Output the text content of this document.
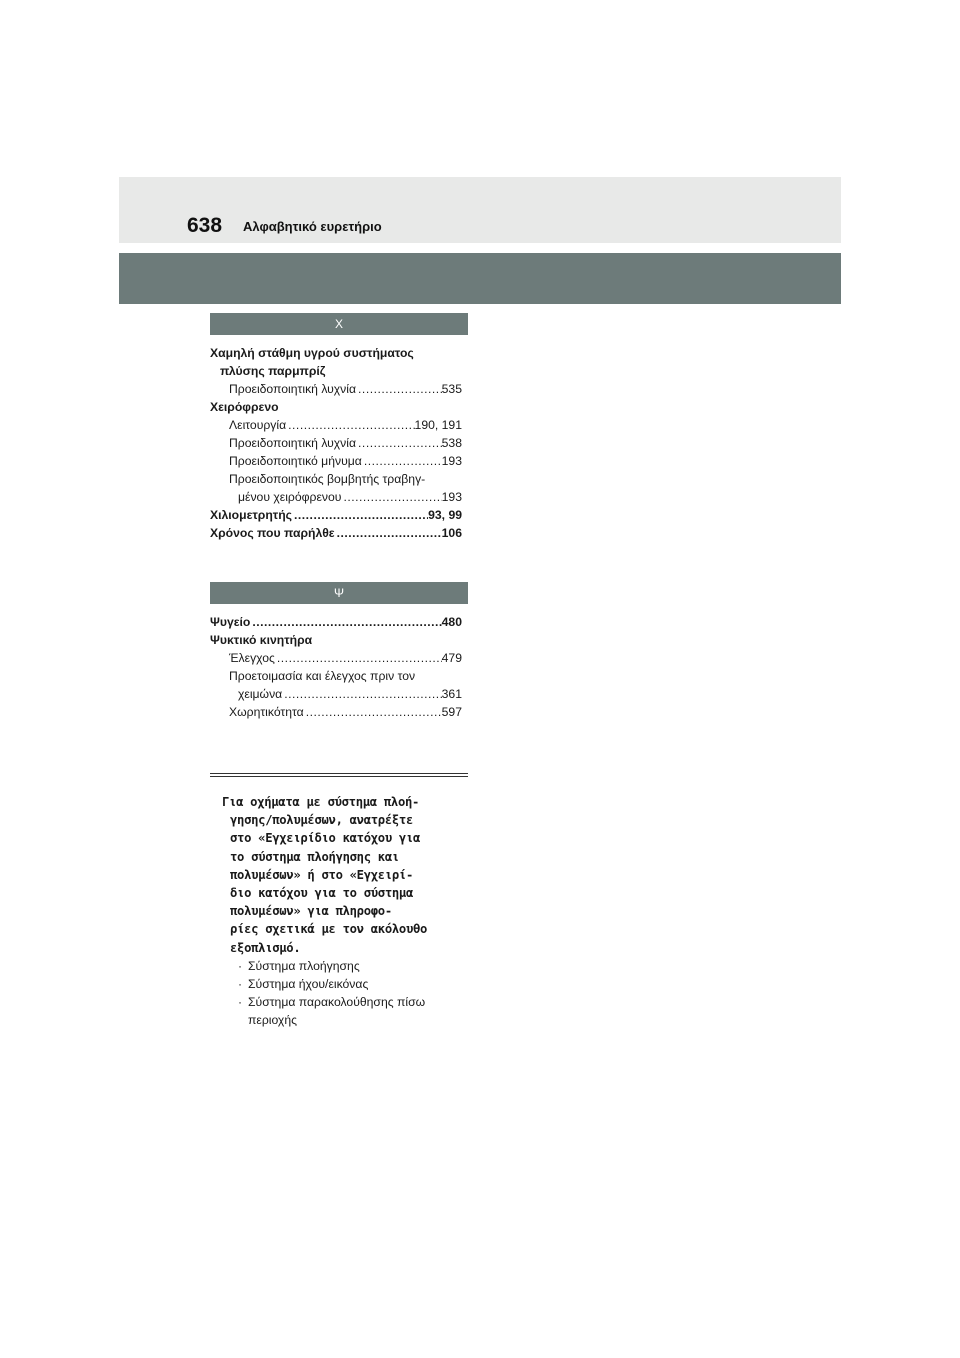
638 Αλφαβητικό ευρετήριο
Χ
Χαμηλή στάθμη υγρού συστήματος
πλύσης παρμπρίζ
Προειδοποιητική λυχνία .....	535
Χειρόφρενο
Λειτουργία .....	190, 191
Προειδοποιητική λυχνία .....	538
Προειδοποιητικό μήνυμα .....	193
Προειδοποιητικός βομβητής τραβηγ-
μένου χειρόφρενου .....	193
Χιλιομετρητής .....	93, 99
Χρόνος που παρήλθε .....	106
Ψ
Ψυγείο .....	480
Ψυκτικό κινητήρα
Έλεγχος .....	479
Προετοιμασία και έλεγχος πριν τον
χειμώνα .....	361
Χωρητικότητα .....	597

Για οχήματα με σύστημα πλοή-
γησης/πολυμέσων, ανατρέξτε
στο «Εγχειρίδιο κατόχου για
το σύστημα πλοήγησης και
πολυμέσων» ή στο «Εγχειρί-
διο κατόχου για το σύστημα
πολυμέσων» για πληροφο-
ρίες σχετικά με τον ακόλουθο
εξοπλισμό.

· Σύστημα πλοήγησης
· Σύστημα ήχου/εικόνας
· Σύστημα παρακολούθησης πίσω
περιοχής
